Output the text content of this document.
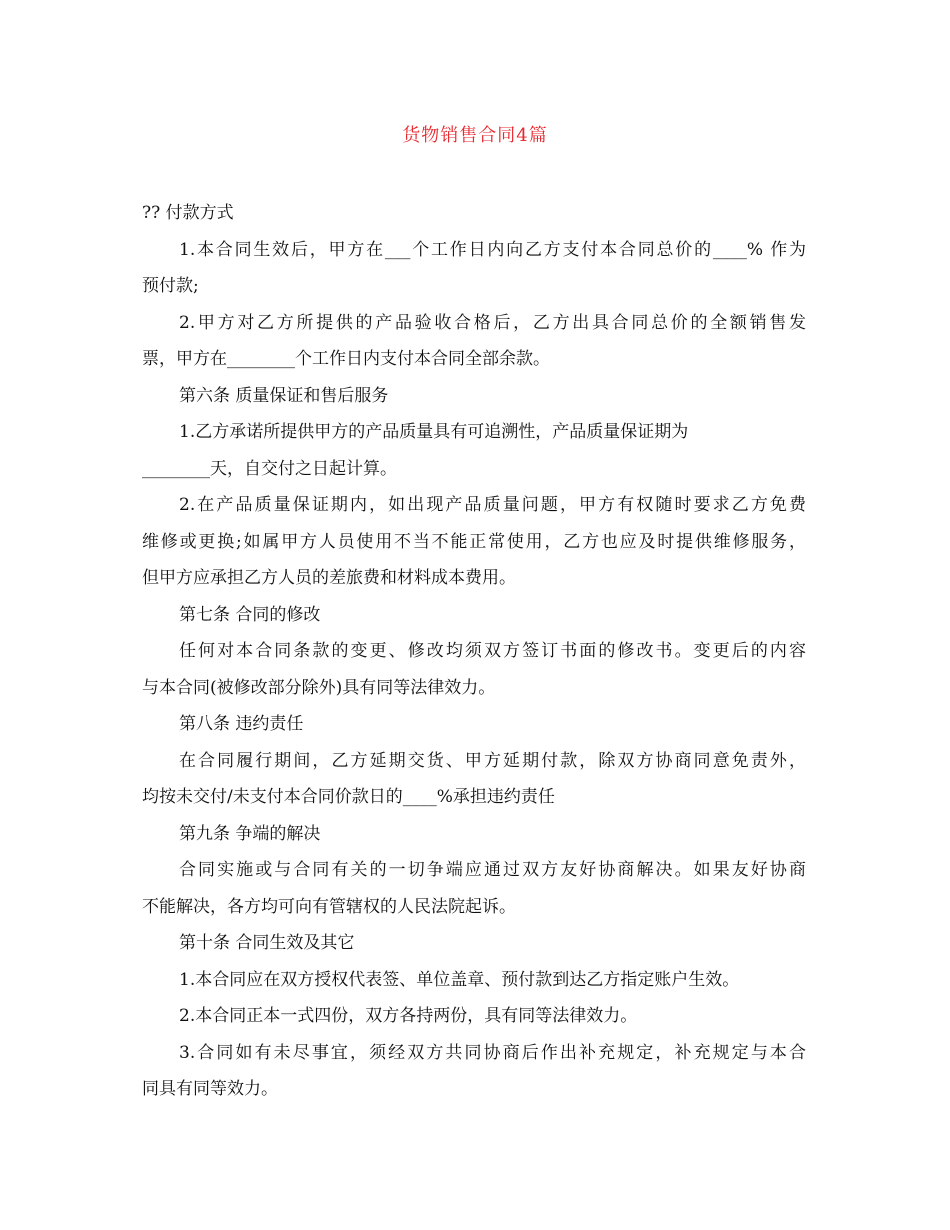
货物销售合同4篇
?? 付款方式
1.本合同生效后，甲方在___个工作日内向乙方支付本合同总价的____% 作为
预付款;
2.甲方对乙方所提供的产品验收合格后，乙方出具合同总价的全额销售发
票，甲方在________个工作日内支付本合同全部余款。
第六条 质量保证和售后服务
1.乙方承诺所提供甲方的产品质量具有可追溯性，产品质量保证期为
________天，自交付之日起计算。
2.在产品质量保证期内，如出现产品质量问题，甲方有权随时要求乙方免费
维修或更换;如属甲方人员使用不当不能正常使用，乙方也应及时提供维修服务，
但甲方应承担乙方人员的差旅费和材料成本费用。
第七条 合同的修改
任何对本合同条款的变更、修改均须双方签订书面的修改书。变更后的内容
与本合同(被修改部分除外)具有同等法律效力。
第八条 违约责任
在合同履行期间，乙方延期交货、甲方延期付款，除双方协商同意免责外，
均按未交付/未支付本合同价款日的____%承担违约责任
第九条 争端的解决
合同实施或与合同有关的一切争端应通过双方友好协商解决。如果友好协商
不能解决，各方均可向有管辖权的人民法院起诉。
第十条 合同生效及其它
1.本合同应在双方授权代表签、单位盖章、预付款到达乙方指定账户生效。
2.本合同正本一式四份，双方各持两份，具有同等法律效力。
3.合同如有未尽事宜，须经双方共同协商后作出补充规定，补充规定与本合
同具有同等效力。
